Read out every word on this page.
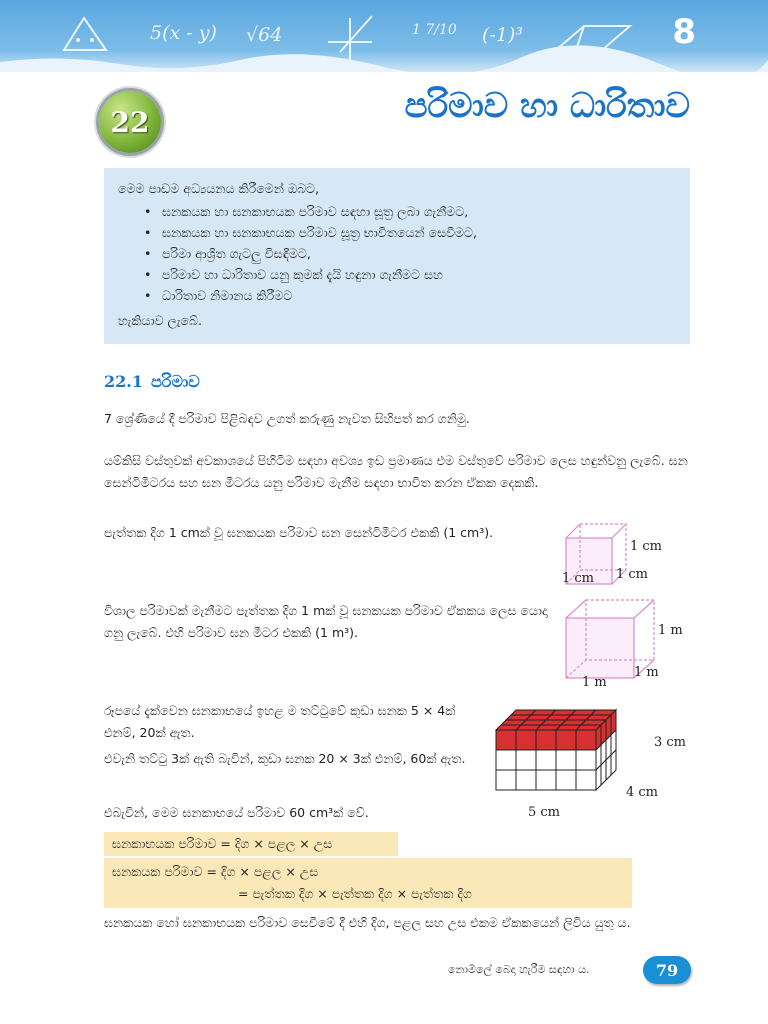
5(x - y) √64	1 7/10 (-1)³	8
22	පරිමාව හා ධාරිතාව
මෙම පාඩම අධ්‍යයනය කිරීමෙන් ඔබට,
• ඝනකයක හා ඝනකාභයක පරිමාව සඳහා සූත්‍ර ලබා ගැනීමට,
• ඝනකයක හා ඝනකාභයක පරිමාව සූත්‍ර භාවිතයෙන් සෙවීමට,
• පරිමා ආශ්‍රිත ගැටලු විසඳීමට,
• පරිමාව හා ධාරිතාව යනු කුමක් දැයි හඳුනා ගැනීමට සහ
• ධාරිතාව නිමානය කිරීමට
හැකියාව ලැබේ.
22.1 පරිමාව
7 ශ්‍රේණියේ දී පරිමාව පිළිබඳව උගත් කරුණු නැවත සිහිපත් කර ගනිමු.
යම්කිසි වස්තුවක් අවකාශයේ පිහිටීම සඳහා අවශ්‍ය ඉඩ ප්‍රමාණය එම වස්තුවේ පරිමාව ලෙස හඳුන්වනු ලැබේ. ඝන සෙන්ටිමීටරය සහ ඝන මීටරය යනු පරිමාව මැනීම සඳහා භාවිත කරන ඒකක දෙකකි.
පැත්තක දිග 1 cmක් වූ ඝනකයක පරිමාව ඝන සෙන්ටිමීටර එකකි (1 cm³).
විශාල පරිමාවක් මැනීමට පැත්තක දිග 1 mක් වූ ඝනකයක පරිමාව ඒකකය ලෙස යොදා ගනු ලැබේ. එහි පරිමාව ඝන මීටර එකකි (1 m³).
රූපයේ දැක්වෙන ඝනකාභයේ ඉහළ ම තට්ටුවේ කුඩා ඝනක 5 × 4ක් එනම්, 20ක් ඇත.
එවැනි තට්ටු 3ක් ඇති බැවින්, කුඩා ඝනක 20 × 3ක් එනම්, 60ක් ඇත.
එබැවින්, මෙම ඝනකාභයේ පරිමාව 60 cm³ක් වේ.
1 cm
1 cm
1 cm
1 m
1 m
1 m
3 cm
4 cm
5 cm
ඝනකාභයක පරිමාව = දිග × පළල × උස
ඝනකයක පරිමාව = දිග × පළල × උස
= පැත්තක දිග × පැත්තක දිග × පැත්තක දිග
ඝනකයක හෝ ඝනකාභයක පරිමාව සෙවීමේ දී එහි දිග, පළල සහ උස එකම ඒකකයෙන් ලිවිය යුතු ය.
නොමිලේ බෙදා හැරීම සඳහා ය.	79
